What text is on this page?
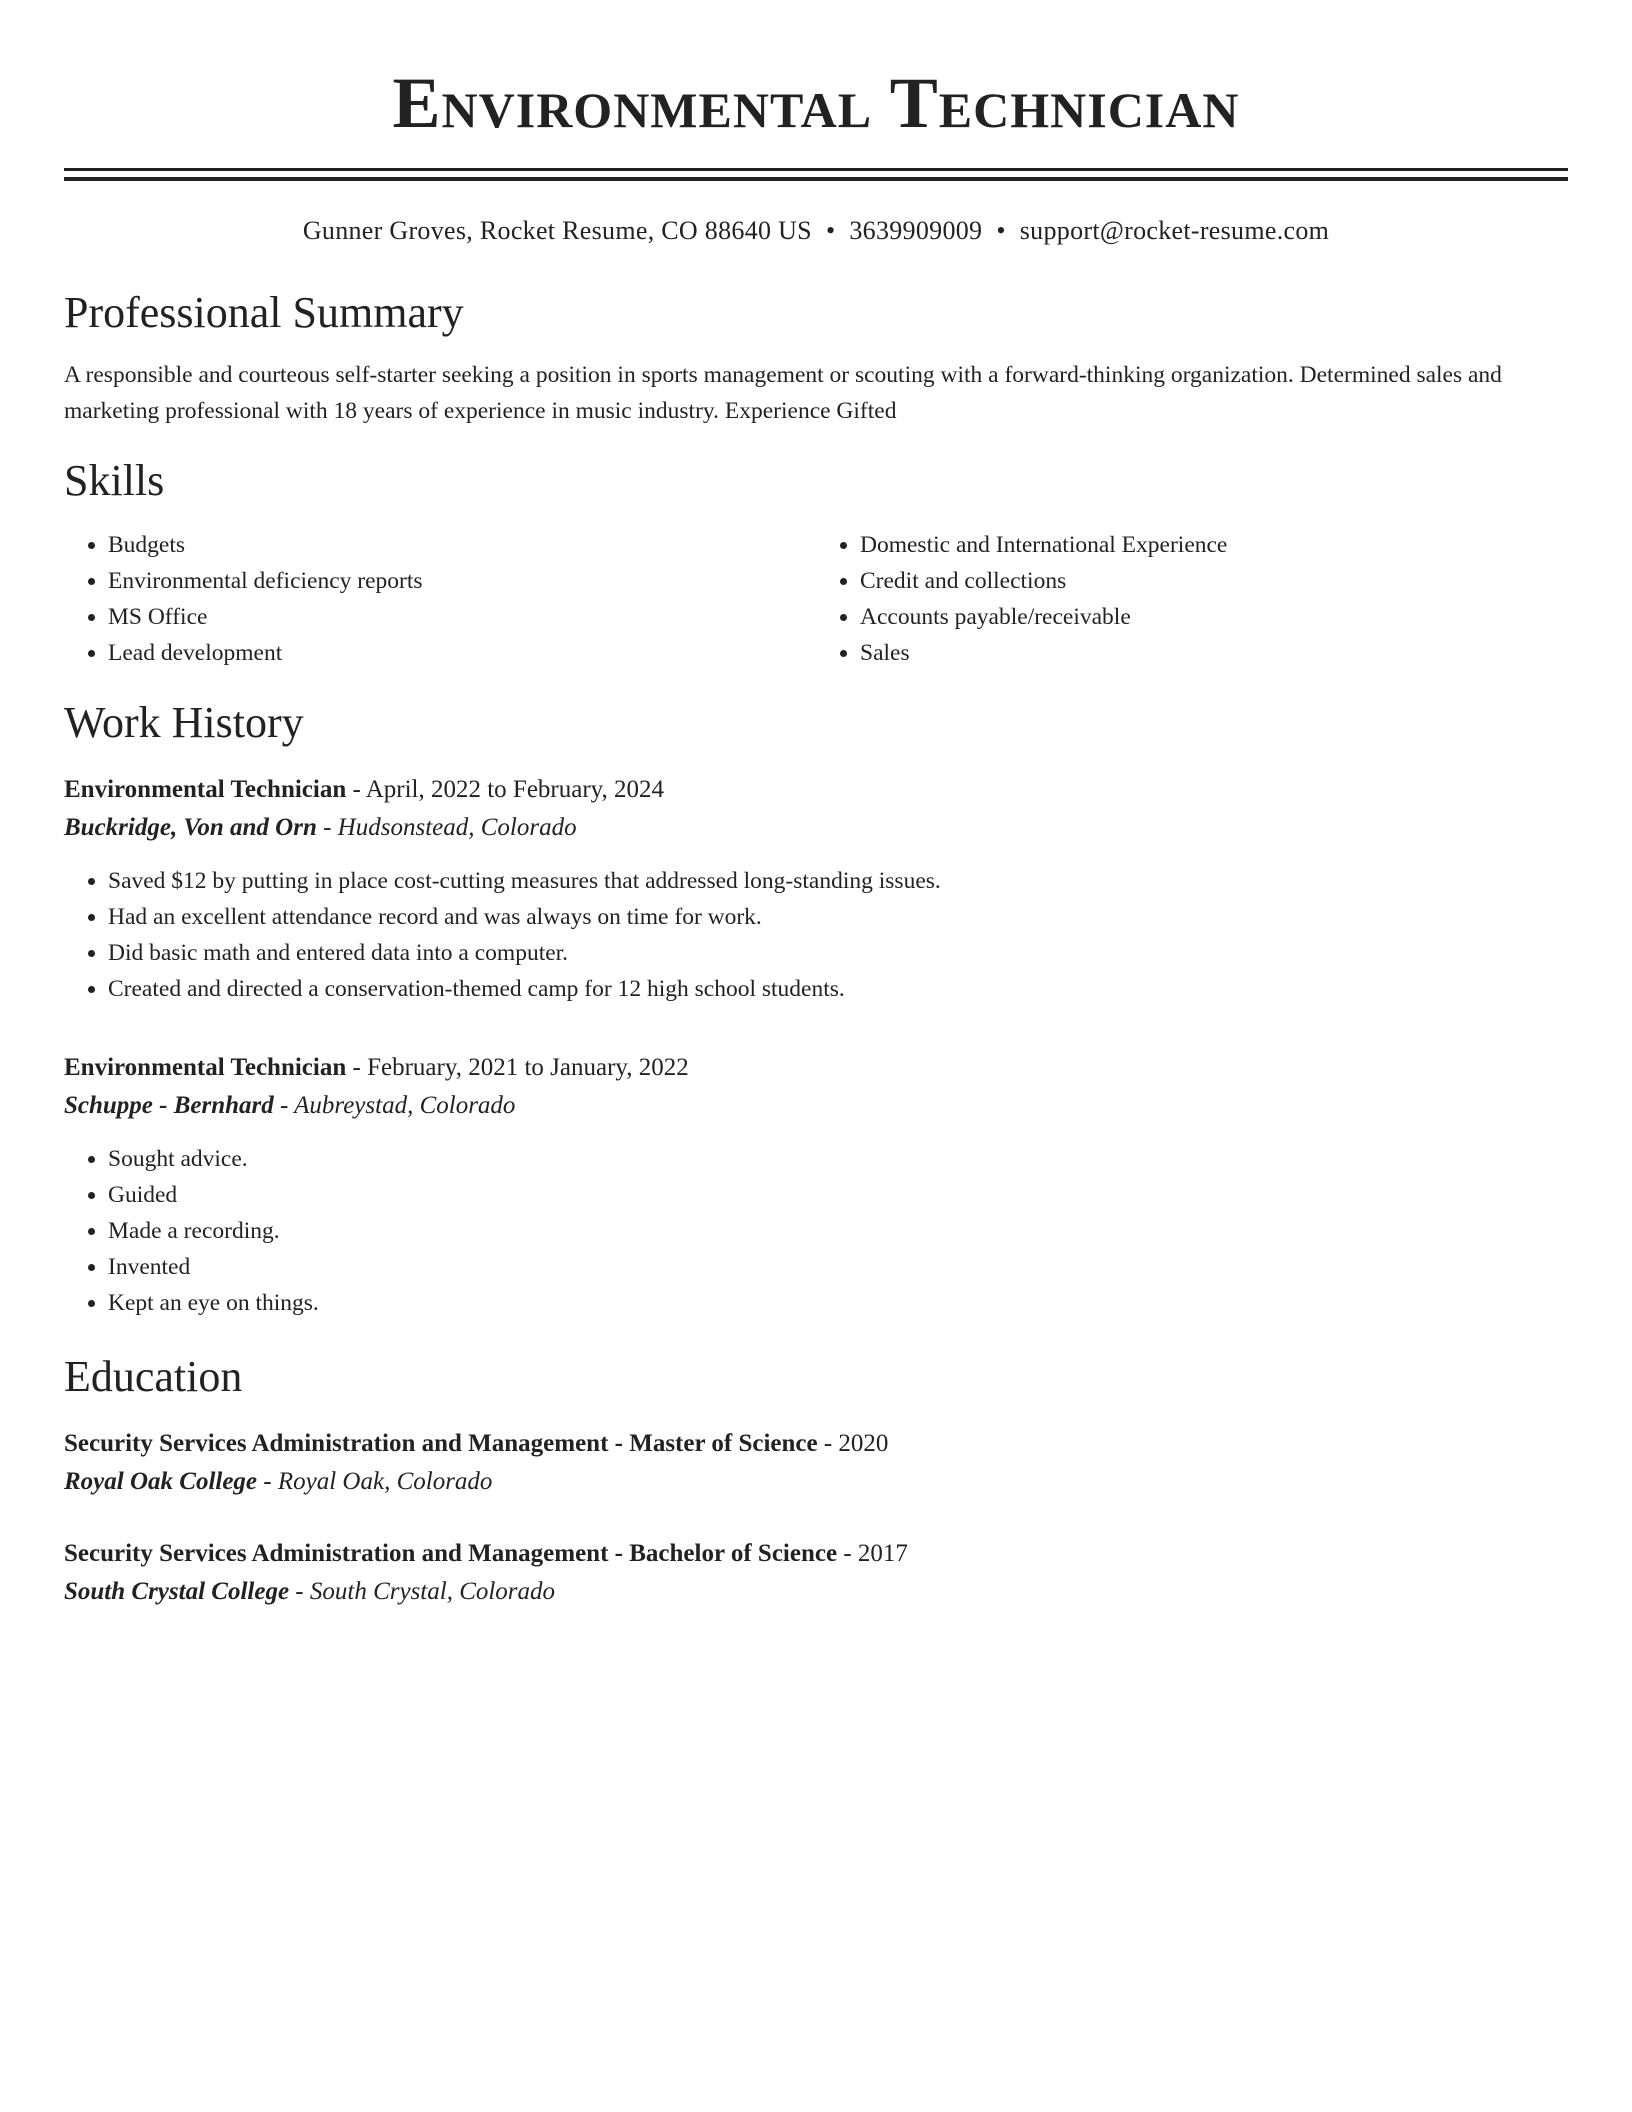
Environmental Technician
Gunner Groves, Rocket Resume, CO 88640 US • 3639909009 • support@rocket-resume.com
Professional Summary
A responsible and courteous self-starter seeking a position in sports management or scouting with a forward-thinking organization. Determined sales and marketing professional with 18 years of experience in music industry. Experience Gifted
Skills
• Budgets
• Environmental deficiency reports
• MS Office
• Lead development
• Domestic and International Experience
• Credit and collections
• Accounts payable/receivable
• Sales
Work History
Environmental Technician - April, 2022 to February, 2024
Buckridge, Von and Orn - Hudsonstead, Colorado
• Saved $12 by putting in place cost-cutting measures that addressed long-standing issues.
• Had an excellent attendance record and was always on time for work.
• Did basic math and entered data into a computer.
• Created and directed a conservation-themed camp for 12 high school students.
Environmental Technician - February, 2021 to January, 2022
Schuppe - Bernhard - Aubreystad, Colorado
• Sought advice.
• Guided
• Made a recording.
• Invented
• Kept an eye on things.
Education
Security Services Administration and Management - Master of Science - 2020
Royal Oak College - Royal Oak, Colorado
Security Services Administration and Management - Bachelor of Science - 2017
South Crystal College - South Crystal, Colorado
